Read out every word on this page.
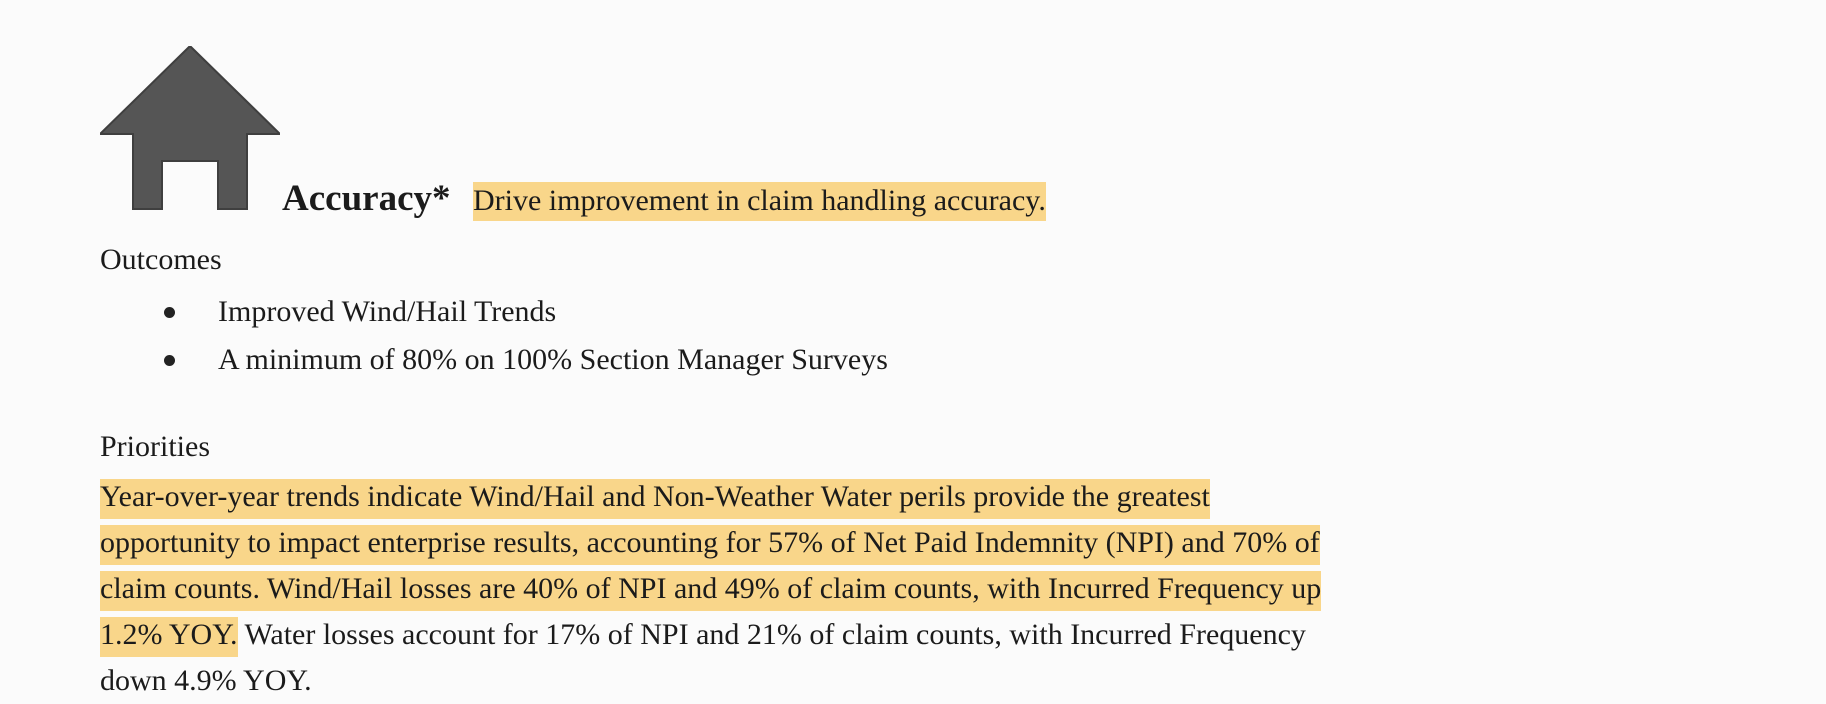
Accuracy* Drive improvement in claim handling accuracy.
Outcomes
Improved Wind/Hail Trends
A minimum of 80% on 100% Section Manager Surveys
Priorities

Year-over-year trends indicate Wind/Hail and Non-Weather Water perils provide the greatest
opportunity to impact enterprise results, accounting for 57% of Net Paid Indemnity (NPI) and 70% of
claim counts. Wind/Hail losses are 40% of NPI and 49% of claim counts, with Incurred Frequency up
1.2% YOY. Water losses account for 17% of NPI and 21% of claim counts, with Incurred Frequency
down 4.9% YOY.
